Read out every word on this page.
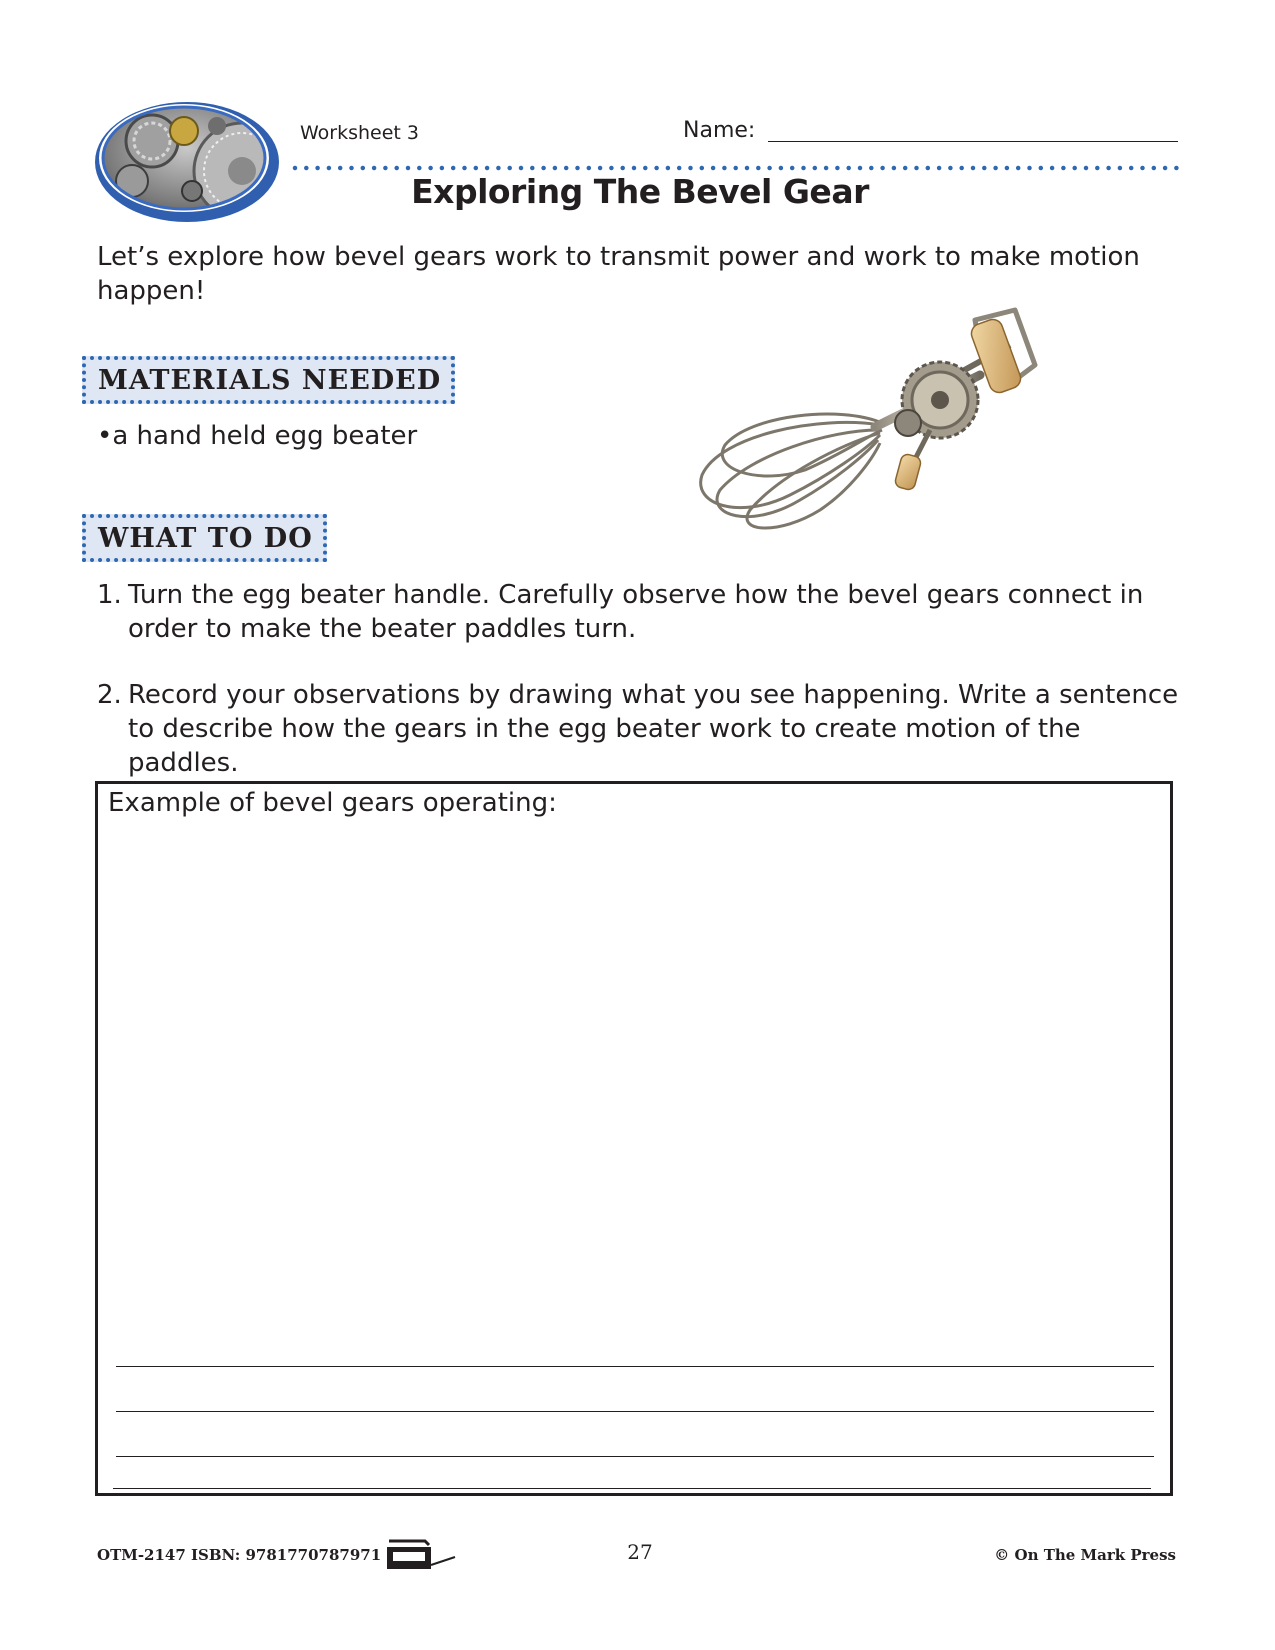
Worksheet 3	Name:
Exploring The Bevel Gear
Let’s explore how bevel gears work to transmit power and work to make motion happen!
MATERIALS NEEDED
•a hand held egg beater
WHAT TO DO
1. Turn the egg beater handle. Carefully observe how the bevel gears connect in order to make the beater paddles turn.
2. Record your observations by drawing what you see happening. Write a sentence to describe how the gears in the egg beater work to create motion of the paddles.
Example of bevel gears operating:
OTM-2147 ISBN: 9781770787971	27	© On The Mark Press
